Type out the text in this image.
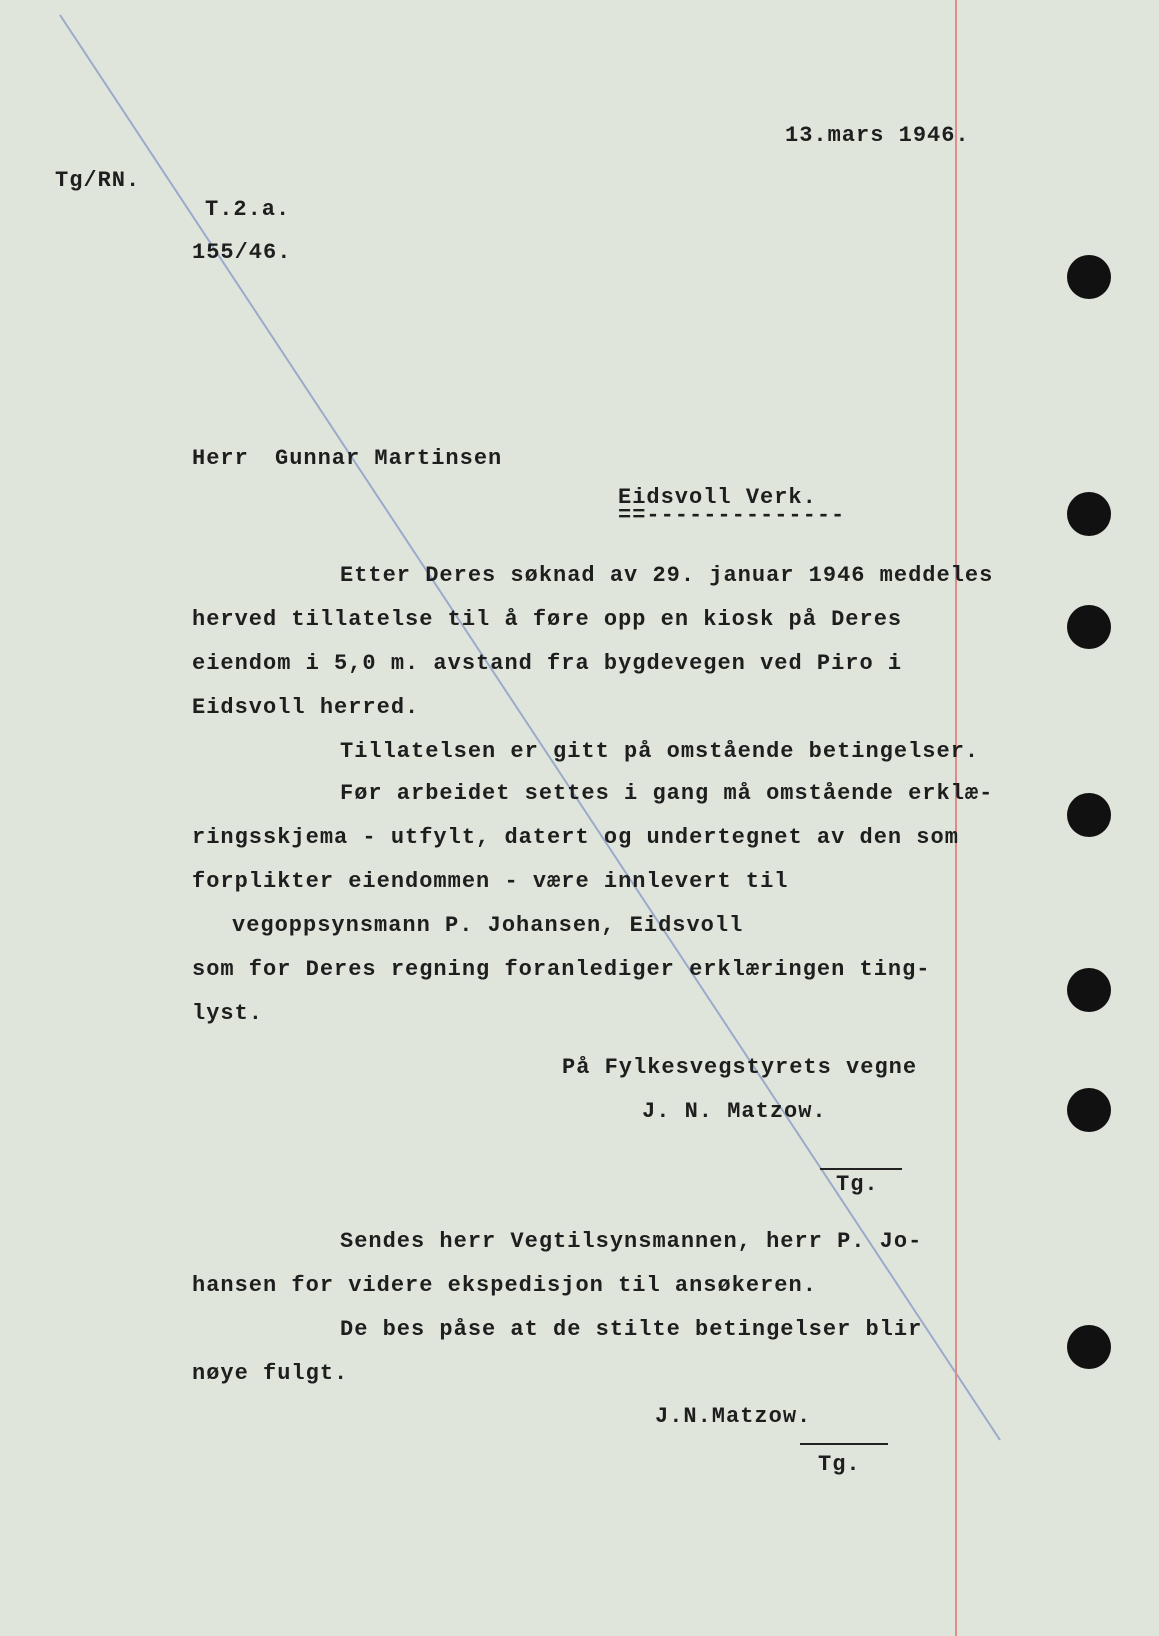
13.mars 1946.
Tg/RN.
T.2.a.
155/46.
Herr Gunnar Martinsen
Eidsvoll Verk.
==--------------
Etter Deres søknad av 29. januar 1946 meddeles
herved tillatelse til å føre opp en kiosk på Deres
eiendom i 5,0 m. avstand fra bygdevegen ved Piro i
Eidsvoll herred.
Tillatelsen er gitt på omstående betingelser.
Før arbeidet settes i gang må omstående erklæ-
ringsskjema - utfylt, datert og undertegnet av den som
forplikter eiendommen - være innlevert til
vegoppsynsmann P. Johansen, Eidsvoll
som for Deres regning foranlediger erklæringen ting-
lyst.
På Fylkesvegstyrets vegne
J. N. Matzow.
Tg.
Sendes herr Vegtilsynsmannen, herr P. Jo-
hansen for videre ekspedisjon til ansøkeren.
De bes påse at de stilte betingelser blir
nøye fulgt.
J.N.Matzow.
Tg.
